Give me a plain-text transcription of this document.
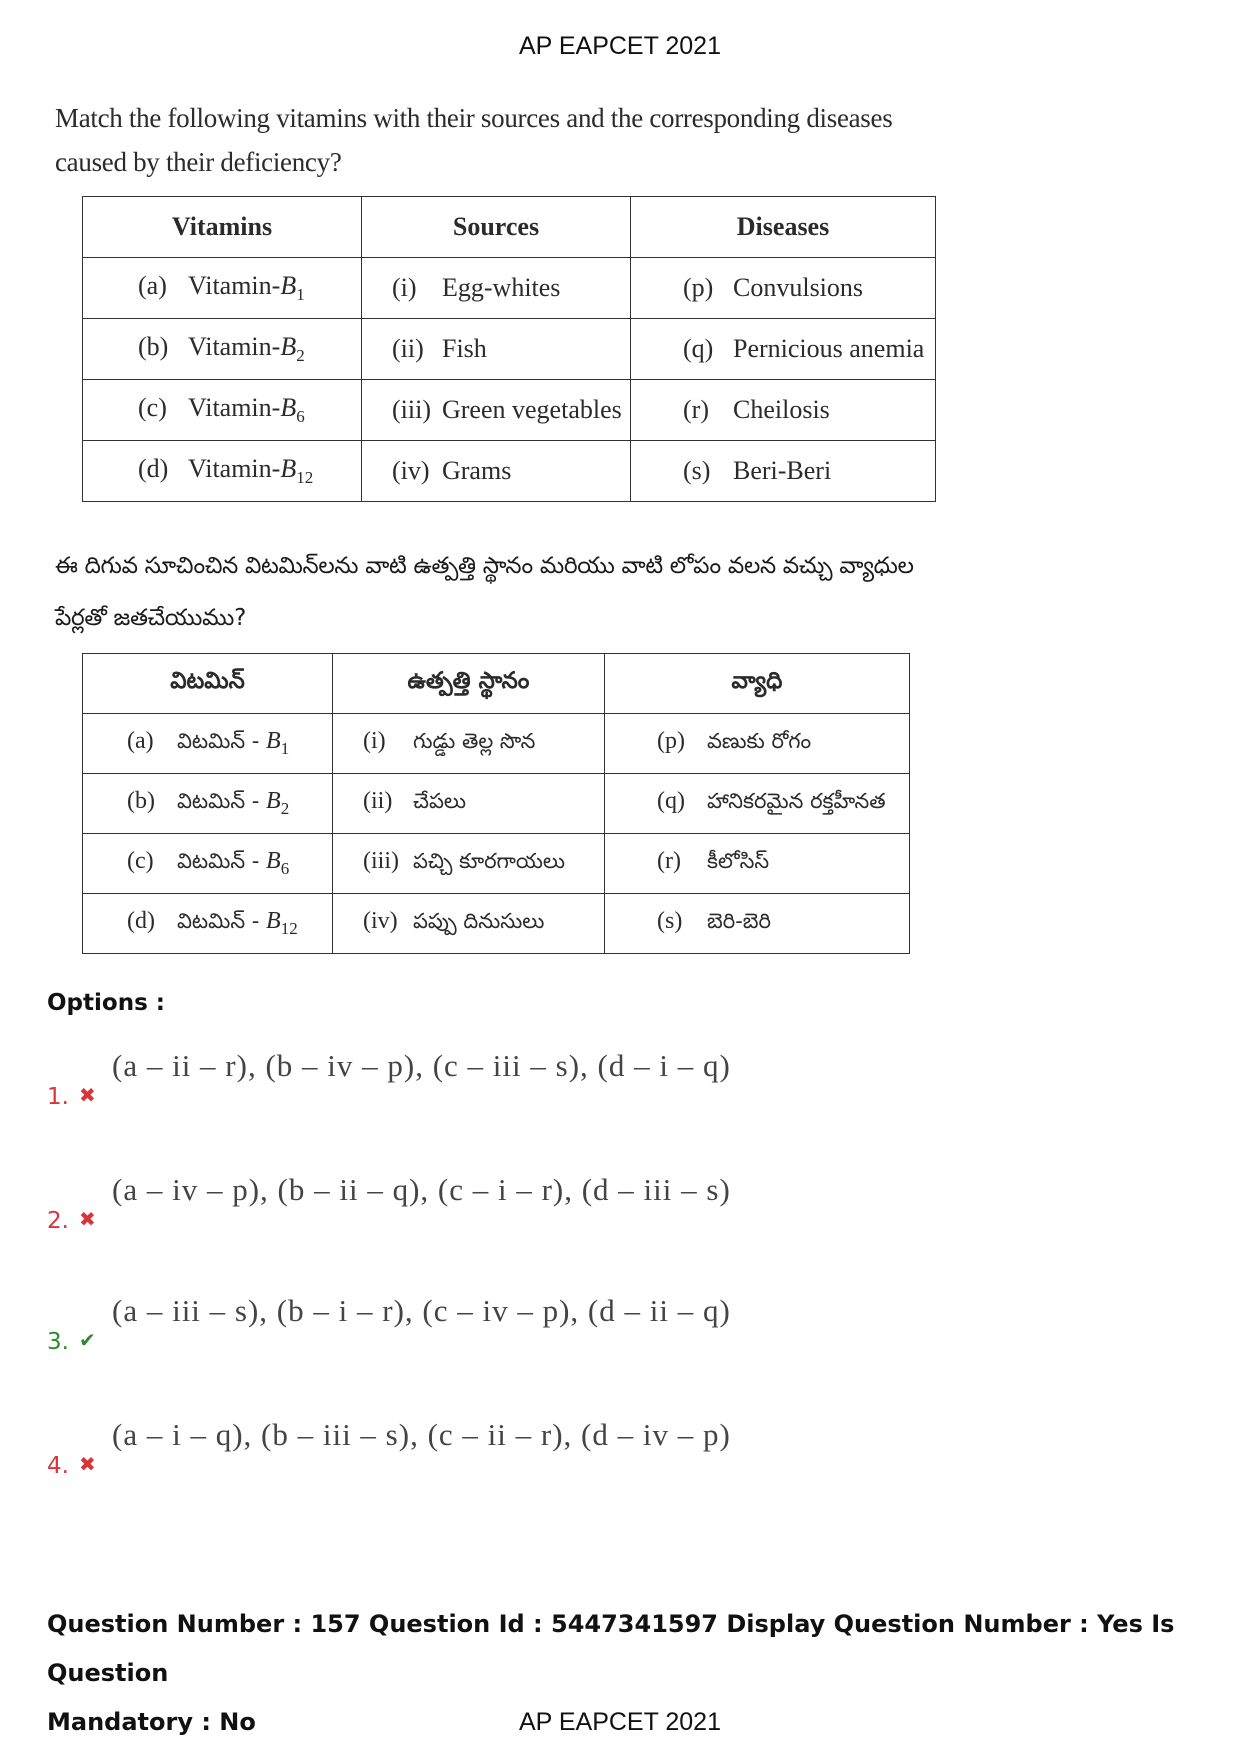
AP EAPCET 2021
Match the following vitamins with their sources and the corresponding diseases caused by their deficiency?
Vitamins	Sources	Diseases
(a) Vitamin-$B_1$	(i) Egg-whites	(p) Convulsions
(b) Vitamin-$B_2$	(ii) Fish	(q) Pernicious anemia
(c) Vitamin-$B_6$	(iii) Green vegetables	(r) Cheilosis
(d) Vitamin-$B_{12}$	(iv) Grams	(s) Beri-Beri
ఈ దిగువ సూచించిన విటమిన్‌లను వాటి ఉత్పత్తి స్థానం మరియు వాటి లోపం వలన వచ్చు వ్యాధుల పేర్లతో జతచేయుము?
విటమిన్	ఉత్పత్తి స్థానం	వ్యాధి
(a) విటమిన్ - $B_1$	(i) గుడ్డు తెల్ల సొన	(p) వణుకు రోగం
(b) విటమిన్ - $B_2$	(ii) చేపలు	(q) హానికరమైన రక్తహీనత
(c) విటమిన్ - $B_6$	(iii) పచ్చి కూరగాయలు	(r) కీలోసిస్
(d) విటమిన్ - $B_{12}$	(iv) పప్పు దినుసులు	(s) బెరి-బెరి
Options :
1. ✖
(a – ii – r), (b – iv – p), (c – iii – s), (d – i – q)
2. ✖
(a – iv – p), (b – ii – q), (c – i – r), (d – iii – s)
3. ✔
(a – iii – s), (b – i – r), (c – iv – p), (d – ii – q)
4. ✖
(a – i – q), (b – iii – s), (c – ii – r), (d – iv – p)
Question Number : 157 Question Id : 5447341597 Display Question Number : Yes Is Question
Mandatory : No	AP EAPCET 2021
